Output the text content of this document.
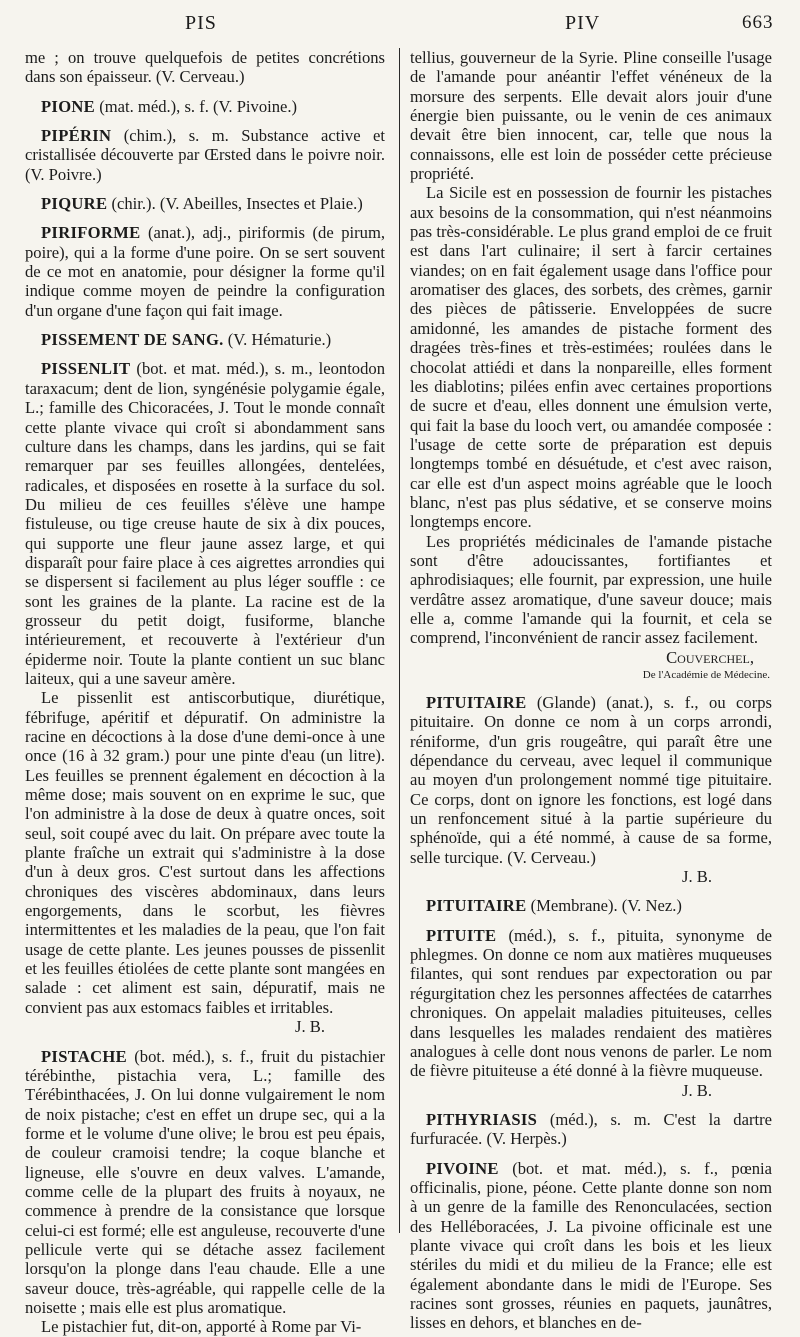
PIS	PIV	663

me ; on trouve quelquefois de petites concrétions dans son épaisseur. (V. Cerveau.)

PIONE (mat. méd.), s. f. (V. Pivoine.)

PIPÉRIN (chim.), s. m. Substance active et cristallisée découverte par Œrsted dans le poivre noir. (V. Poivre.)

PIQURE (chir.). (V. Abeilles, Insectes et Plaie.)

PIRIFORME (anat.), adj., piriformis (de pirum, poire), qui a la forme d'une poire. On se sert souvent de ce mot en anatomie, pour désigner la forme qu'il indique comme moyen de peindre la configuration d'un organe d'une façon qui fait image.

PISSEMENT DE SANG. (V. Hématurie.)

PISSENLIT (bot. et mat. méd.), s. m., leontodon taraxacum; dent de lion, syngénésie polygamie égale, L.; famille des Chicoracées, J. Tout le monde connaît cette plante vivace qui croît si abondamment sans culture dans les champs, dans les jardins, qui se fait remarquer par ses feuilles allongées, dentelées, radicales, et disposées en rosette à la surface du sol. Du milieu de ces feuilles s'élève une hampe fistuleuse, ou tige creuse haute de six à dix pouces, qui supporte une fleur jaune assez large, et qui disparaît pour faire place à ces aigrettes arrondies qui se dispersent si facilement au plus léger souffle : ce sont les graines de la plante. La racine est de la grosseur du petit doigt, fusiforme, blanche intérieurement, et recouverte à l'extérieur d'un épiderme noir. Toute la plante contient un suc blanc laiteux, qui a une saveur amère.

Le pissenlit est antiscorbutique, diurétique, fébrifuge, apéritif et dépuratif. On administre la racine en décoctions à la dose d'une demi-once à une once (16 à 32 gram.) pour une pinte d'eau (un litre). Les feuilles se prennent également en décoction à la même dose; mais souvent on en exprime le suc, que l'on administre à la dose de deux à quatre onces, soit seul, soit coupé avec du lait. On prépare avec toute la plante fraîche un extrait qui s'administre à la dose d'un à deux gros. C'est surtout dans les affections chroniques des viscères abdominaux, dans leurs engorgements, dans le scorbut, les fièvres intermittentes et les maladies de la peau, que l'on fait usage de cette plante. Les jeunes pousses de pissenlit et les feuilles étiolées de cette plante sont mangées en salade : cet aliment est sain, dépuratif, mais ne convient pas aux estomacs faibles et irritables.

J. B.

PISTACHE (bot. méd.), s. f., fruit du pistachier térébinthe, pistachia vera, L.; famille des Térébinthacées, J. On lui donne vulgairement le nom de noix pistache; c'est en effet un drupe sec, qui a la forme et le volume d'une olive; le brou est peu épais, de couleur cramoisi tendre; la coque blanche et ligneuse, elle s'ouvre en deux valves. L'amande, comme celle de la plupart des fruits à noyaux, ne commence à prendre de la consistance que lorsque celui-ci est formé; elle est anguleuse, recouverte d'une pellicule verte qui se détache assez facilement lorsqu'on la plonge dans l'eau chaude. Elle a une saveur douce, très-agréable, qui rappelle celle de la noisette ; mais elle est plus aromatique.

Le pistachier fut, dit-on, apporté à Rome par Vi-

tellius, gouverneur de la Syrie. Pline conseille l'usage de l'amande pour anéantir l'effet vénéneux de la morsure des serpents. Elle devait alors jouir d'une énergie bien puissante, ou le venin de ces animaux devait être bien innocent, car, telle que nous la connaissons, elle est loin de posséder cette précieuse propriété.

La Sicile est en possession de fournir les pistaches aux besoins de la consommation, qui n'est néanmoins pas très-considérable. Le plus grand emploi de ce fruit est dans l'art culinaire; il sert à farcir certaines viandes; on en fait également usage dans l'office pour aromatiser des glaces, des sorbets, des crèmes, garnir des pièces de pâtisserie. Enveloppées de sucre amidonné, les amandes de pistache forment des dragées très-fines et très-estimées; roulées dans le chocolat attiédi et dans la nonpareille, elles forment les diablotins; pilées enfin avec certaines proportions de sucre et d'eau, elles donnent une émulsion verte, qui fait la base du looch vert, ou amandée composée : l'usage de cette sorte de préparation est depuis longtemps tombé en désuétude, et c'est avec raison, car elle est d'un aspect moins agréable que le looch blanc, n'est pas plus sédative, et se conserve moins longtemps encore.

Les propriétés médicinales de l'amande pistache sont d'être adoucissantes, fortifiantes et aphrodisiaques; elle fournit, par expression, une huile verdâtre assez aromatique, d'une saveur douce; mais elle a, comme l'amande qui la fournit, et cela se comprend, l'inconvénient de rancir assez facilement.

Couverchel,
De l'Académie de Médecine.

PITUITAIRE (Glande) (anat.), s. f., ou corps pituitaire. On donne ce nom à un corps arrondi, réniforme, d'un gris rougeâtre, qui paraît être une dépendance du cerveau, avec lequel il communique au moyen d'un prolongement nommé tige pituitaire. Ce corps, dont on ignore les fonctions, est logé dans un renfoncement situé à la partie supérieure du sphénoïde, qui a été nommé, à cause de sa forme, selle turcique. (V. Cerveau.)

J. B.

PITUITAIRE (Membrane). (V. Nez.)

PITUITE (méd.), s. f., pituita, synonyme de phlegmes. On donne ce nom aux matières muqueuses filantes, qui sont rendues par expectoration ou par régurgitation chez les personnes affectées de catarrhes chroniques. On appelait maladies pituiteuses, celles dans lesquelles les malades rendaient des matières analogues à celle dont nous venons de parler. Le nom de fièvre pituiteuse a été donné à la fièvre muqueuse.

J. B.

PITHYRIASIS (méd.), s. m. C'est la dartre furfuracée. (V. Herpès.)

PIVOINE (bot. et mat. méd.), s. f., pœnia officinalis, pione, péone. Cette plante donne son nom à un genre de la famille des Renonculacées, section des Helléboracées, J. La pivoine officinale est une plante vivace qui croît dans les bois et les lieux stériles du midi et du milieu de la France; elle est également abondante dans le midi de l'Europe. Ses racines sont grosses, réunies en paquets, jaunâtres, lisses en dehors, et blanches en de-
